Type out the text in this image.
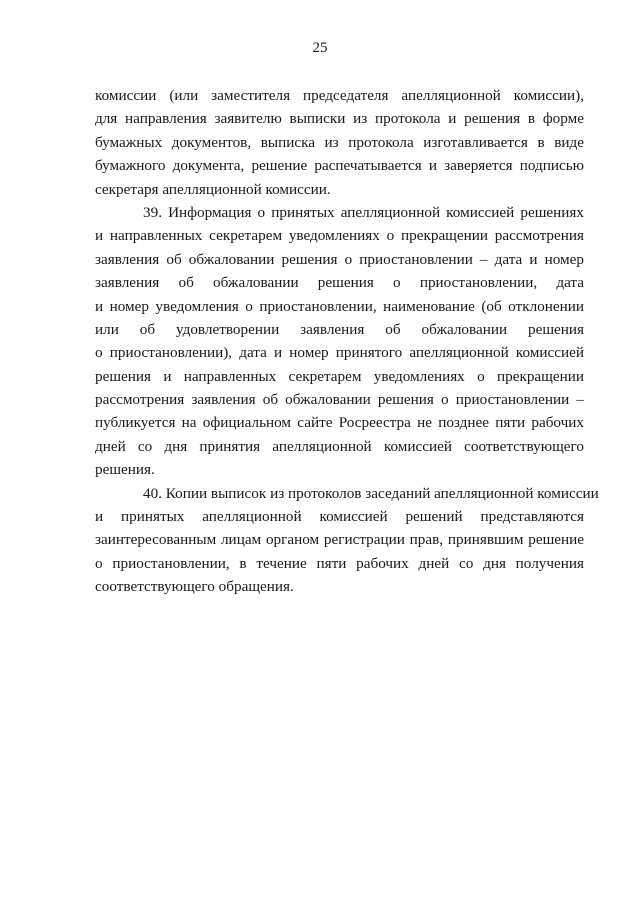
25
комиссии (или заместителя председателя апелляционной комиссии),
для направления заявителю выписки из протокола и решения в форме
бумажных документов, выписка из протокола изготавливается в виде
бумажного документа, решение распечатывается и заверяется подписью
секретаря апелляционной комиссии.
39. Информация о принятых апелляционной комиссией решениях
и направленных секретарем уведомлениях о прекращении рассмотрения
заявления об обжаловании решения о приостановлении – дата и номер
заявления об обжаловании решения о приостановлении, дата
и номер уведомления о приостановлении, наименование (об отклонении
или об удовлетворении заявления об обжаловании решения
о приостановлении), дата и номер принятого апелляционной комиссией
решения и направленных секретарем уведомлениях о прекращении
рассмотрения заявления об обжаловании решения о приостановлении –
публикуется на официальном сайте Росреестра не позднее пяти рабочих
дней со дня принятия апелляционной комиссией соответствующего
решения.
40. Копии выписок из протоколов заседаний апелляционной комиссии
и принятых апелляционной комиссией решений представляются
заинтересованным лицам органом регистрации прав, принявшим решение
о приостановлении, в течение пяти рабочих дней со дня получения
соответствующего обращения.
